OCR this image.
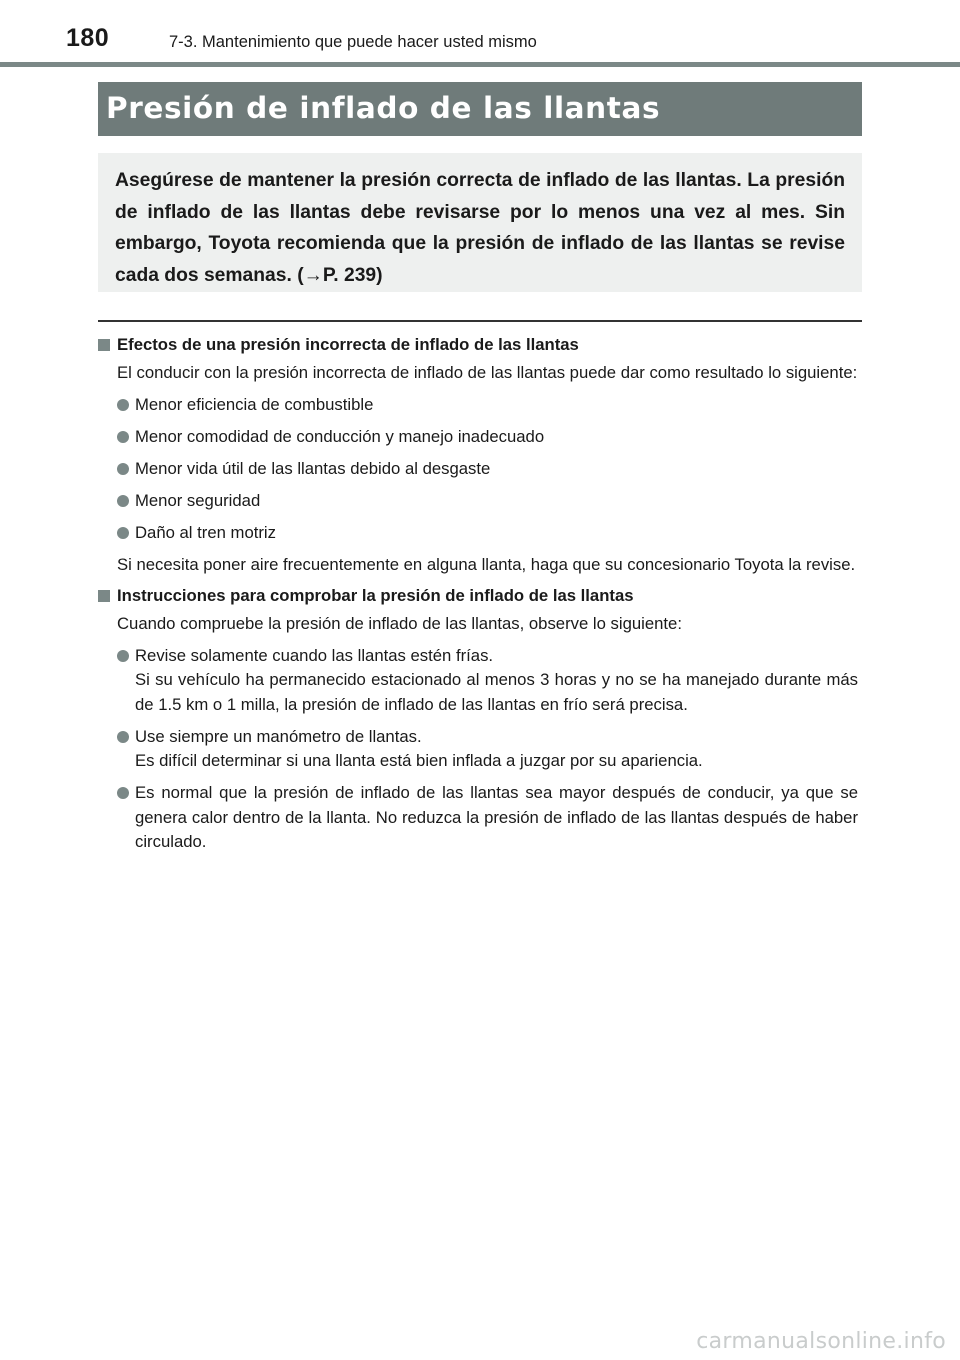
180	7-3. Mantenimiento que puede hacer usted mismo
Presión de inflado de las llantas

Asegúrese de mantener la presión correcta de inflado de las llantas. La presión de inflado de las llantas debe revisarse por lo menos una vez al mes. Sin embargo, Toyota recomienda que la presión de inflado de las llantas se revise cada dos semanas. (→P. 239)

Efectos de una presión incorrecta de inflado de las llantas
El conducir con la presión incorrecta de inflado de las llantas puede dar como resultado lo siguiente:
Menor eficiencia de combustible
Menor comodidad de conducción y manejo inadecuado
Menor vida útil de las llantas debido al desgaste
Menor seguridad
Daño al tren motriz
Si necesita poner aire frecuentemente en alguna llanta, haga que su concesionario Toyota la revise.
Instrucciones para comprobar la presión de inflado de las llantas
Cuando compruebe la presión de inflado de las llantas, observe lo siguiente:
Revise solamente cuando las llantas estén frías.
Si su vehículo ha permanecido estacionado al menos 3 horas y no se ha manejado durante más de 1.5 km o 1 milla, la presión de inflado de las llantas en frío será precisa.
Use siempre un manómetro de llantas.
Es difícil determinar si una llanta está bien inflada a juzgar por su apariencia.
Es normal que la presión de inflado de las llantas sea mayor después de conducir, ya que se genera calor dentro de la llanta. No reduzca la presión de inflado de las llantas después de haber circulado.
carmanualsonline.info
